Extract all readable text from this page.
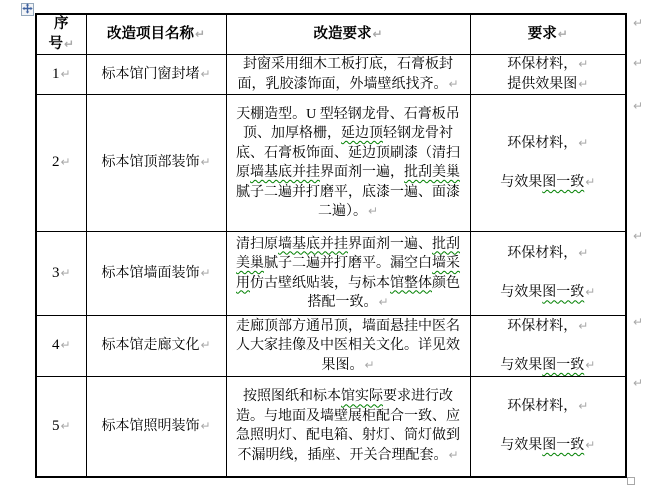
序
号↵	改造项目名称↵	改造要求↵	要求↵
1↵	标本馆门窗封堵↵	封窗采用细木工板打底，石膏板封面，乳胶漆饰面，外墙壁纸找齐。↵	环保材料，↵
提供效果图↵

2↵	标本馆顶部装饰↵	天棚造型。U 型轻钢龙骨、石膏板吊顶、加厚格栅，延边顶轻钢龙骨衬底、石膏板饰面、延边顶刷漆（清扫原墙基底并挂界面剂一遍，批刮美巢腻子二遍并打磨平，底漆一遍、面漆二遍）。↵	环保材料，↵
与效果图一致↵

3↵	标本馆墙面装饰↵	清扫原墙基底并挂界面剂一遍、批刮美巢腻子二遍并打磨平。漏空白墙采用仿古壁纸贴装，与标本馆整体颜色搭配一致。↵	环保材料，↵
与效果图一致↵

4↵	标本馆走廊文化↵	走廊顶部方通吊顶，墙面悬挂中医名人大家挂像及中医相关文化。详见效果图。↵	环保材料，↵
与效果图一致↵

5↵	标本馆照明装饰↵	按照图纸和标本馆实际要求进行改造。与地面及墙壁展柜配合一致、应急照明灯、配电箱、射灯、筒灯做到不漏明线，插座、开关合理配套。↵	环保材料，↵
与效果图一致↵
↵
↵
↵
↵
↵
↵
